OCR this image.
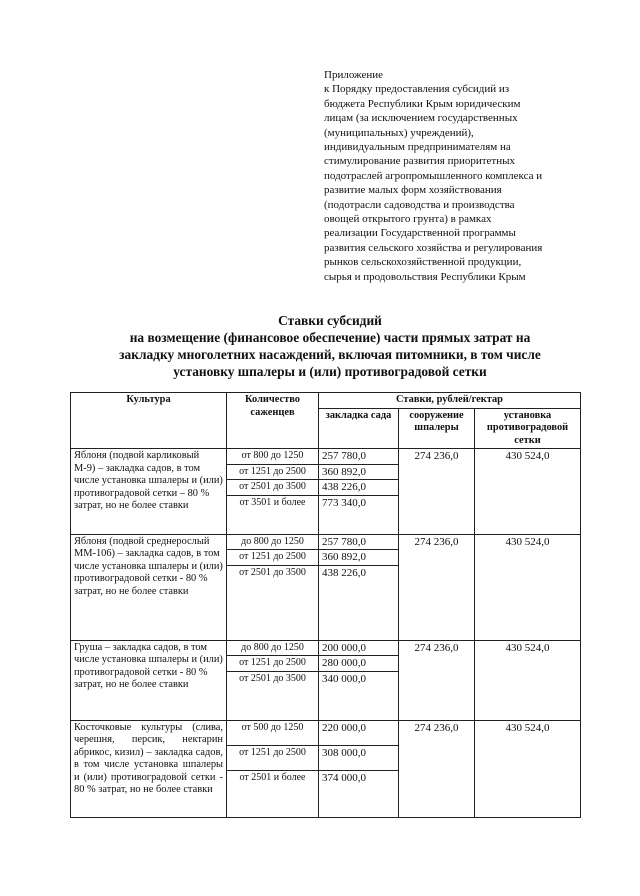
Приложение
к Порядку предоставления субсидий из
бюджета Республики Крым юридическим
лицам (за исключением государственных
(муниципальных) учреждений),
индивидуальным предпринимателям на
стимулирование развития приоритетных
подотраслей агропромышленного комплекса и
развитие малых форм хозяйствования
(подотрасли садоводства и производства
овощей открытого грунта) в рамках
реализации Государственной программы
развития сельского хозяйства и регулирования
рынков сельскохозяйственной продукции,
сырья и продовольствия Республики Крым
Ставки субсидий
на возмещение (финансовое обеспечение) части прямых затрат на
закладку многолетних насаждений, включая питомники, в том числе
установку шпалеры и (или) противоградовой сетки
Культура	Количество саженцев	Ставки, рублей/гектар		
		закладка сада	сооружение шпалеры	установка противоградовой сетки
Яблоня (подвой карликовый М-9) – закладка садов, в том числе установка шпалеры и (или) противоградовой сетки – 80 % затрат, но не более ставки	от 800 до 1250	257 780,0	274 236,0	430 524,0
	от 1251 до 2500	360 892,0		
	от 2501 до 3500	438 226,0		
	от 3501 и более	773 340,0		
Яблоня (подвой среднерослый ММ-106) – закладка садов, в том числе установка шпалеры и (или) противоградовой сетки - 80 % затрат, но не более ставки	до 800 до 1250	257 780,0	274 236,0	430 524,0
	от 1251 до 2500	360 892,0		
	от 2501 до 3500	438 226,0		
Груша – закладка садов, в том числе установка шпалеры и (или) противоградовой сетки - 80 % затрат, но не более ставки	до 800 до 1250	200 000,0	274 236,0	430 524,0
	от 1251 до 2500	280 000,0		
	от 2501 до 3500	340 000,0		
Косточковые культуры (слива, черешня, персик, нектарин абрикос, кизил) – закладка садов, в том числе установка шпалеры и (или) противоградовой сетки - 80 % затрат, но не более ставки	от 500 до 1250	220 000,0	274 236,0	430 524,0
	от 1251 до 2500	308 000,0		
	от 2501 и более	374 000,0		
